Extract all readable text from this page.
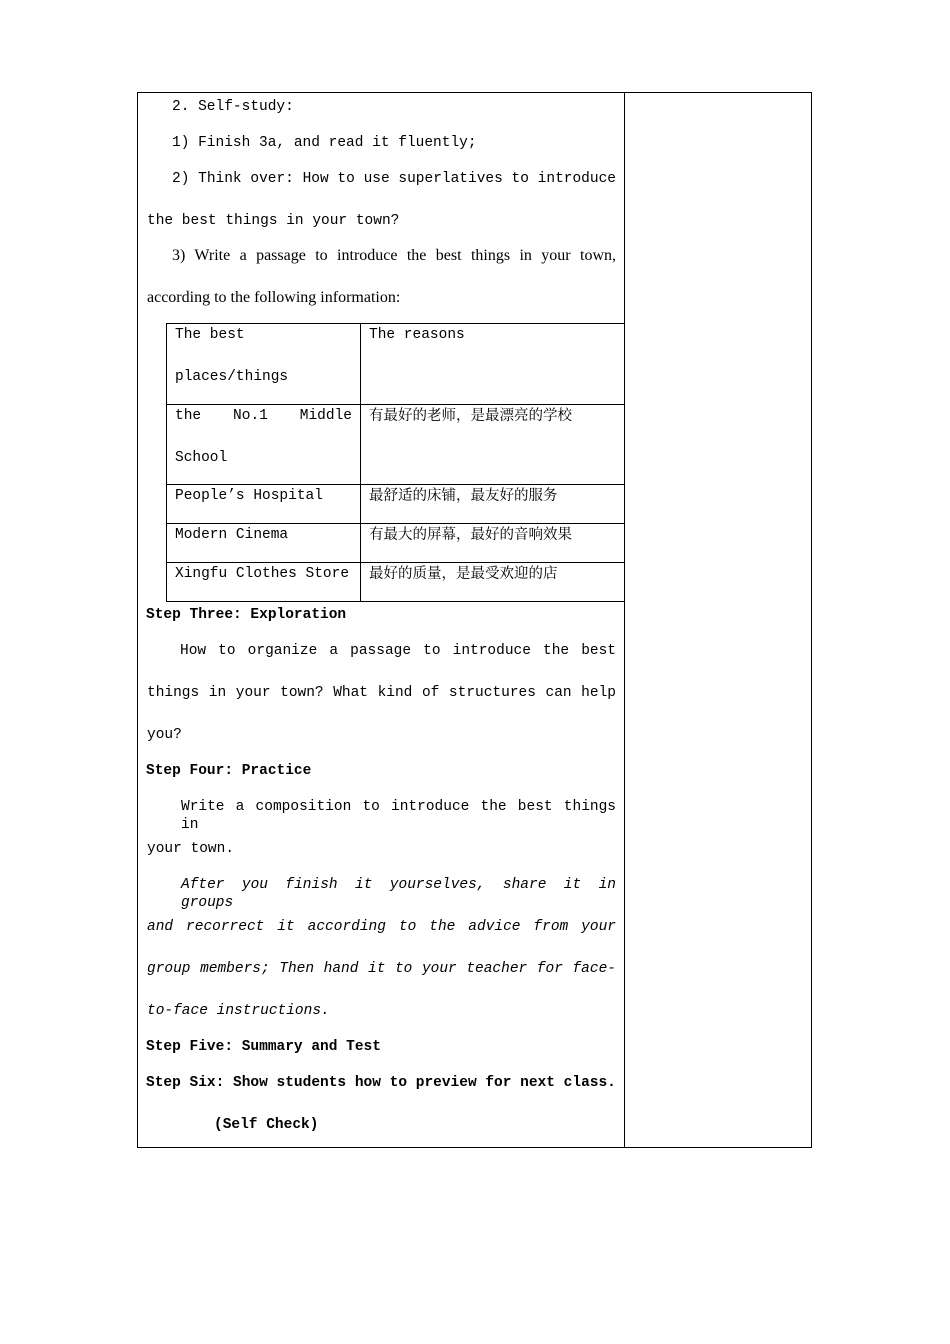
2. Self-study:
1) Finish 3a, and read it fluently;
2) Think over: How to use superlatives to introduce
the best things in your town?
3) Write a passage to introduce the best things in your town,
according to the following information:
The best
places/things	The reasons

the No.1 Middle
School	有最好的老师，是最漂亮的学校
People’s Hospital	最舒适的床铺，最友好的服务
Modern Cinema	有最大的屏幕，最好的音响效果
Xingfu Clothes Store	最好的质量，是最受欢迎的店
Step Three: Exploration
How to organize a passage to introduce the best
things in your town? What kind of structures can help
you?
Step Four: Practice
Write a composition to introduce the best things in
your town.
After you finish it yourselves, share it in groups
and recorrect it according to the advice from your
group members; Then hand it to your teacher for face-
to-face instructions.
Step Five: Summary and Test
Step Six: Show students how to preview for next class.
(Self Check)
